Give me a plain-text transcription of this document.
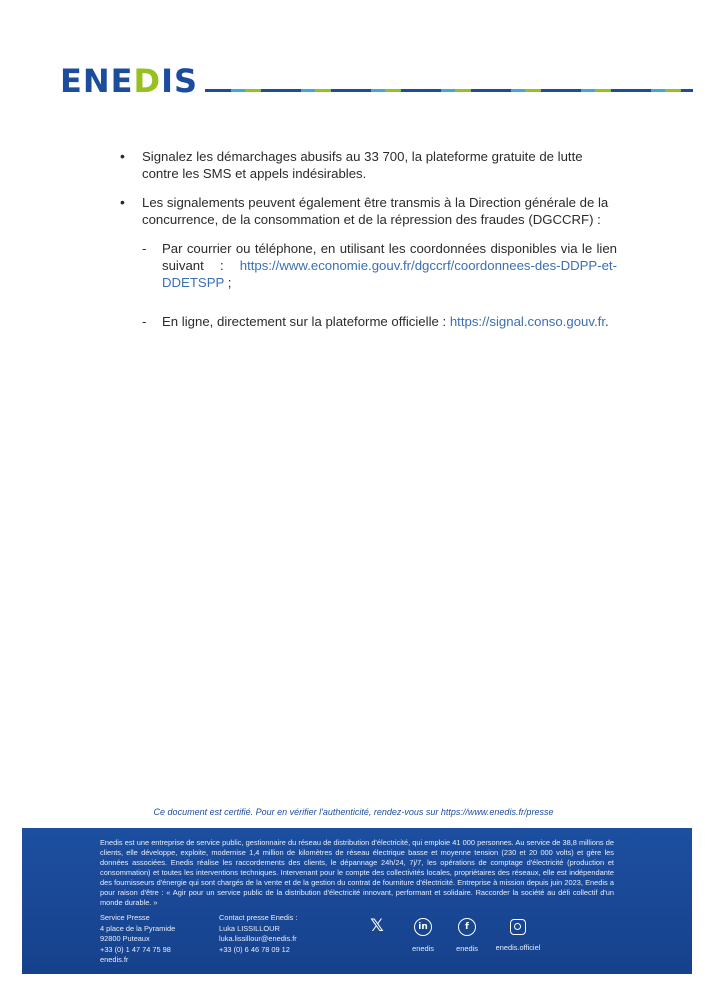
ENEDIS
• Signalez les démarchages abusifs au 33 700, la plateforme gratuite de lutte contre les SMS et appels indésirables.
• Les signalements peuvent également être transmis à la Direction générale de la concurrence, de la consommation et de la répression des fraudes (DGCCRF) :
- Par courrier ou téléphone, en utilisant les coordonnées disponibles via le lien suivant : https://www.economie.gouv.fr/dgccrf/coordonnees-des-DDPP-et-DDETSPP ;
- En ligne, directement sur la plateforme officielle : https://signal.conso.gouv.fr.
Ce document est certifié. Pour en vérifier l'authenticité, rendez-vous sur https://www.enedis.fr/presse
Enedis est une entreprise de service public, gestionnaire du réseau de distribution d'électricité, qui emploie 41 000 personnes. Au service de 38,8 millions de clients, elle développe, exploite, modernise 1,4 million de kilomètres de réseau électrique basse et moyenne tension (230 et 20 000 volts) et gère les données associées. Enedis réalise les raccordements des clients, le dépannage 24h/24, 7j/7, les opérations de comptage d'électricité (production et consommation) et toutes les interventions techniques. Intervenant pour le compte des collectivités locales, propriétaires des réseaux, elle est indépendante des fournisseurs d'énergie qui sont chargés de la vente et de la gestion du contrat de fourniture d'électricité. Entreprise à mission depuis juin 2023, Enedis a pour raison d'être : « Agir pour un service public de la distribution d'électricité innovant, performant et solidaire. Raccorder la société au défi collectif d'un monde durable. »
Service Presse
4 place de la Pyramide
92800 Puteaux
+33 (0) 1 47 74 75 98
enedis.fr
Contact presse Enedis :
Luka LISSILLOUR
luka.lissillour@enedis.fr
+33 (0) 6 46 78 09 12
𝕏	in
enedis
f
enedis	enedis.officiel
